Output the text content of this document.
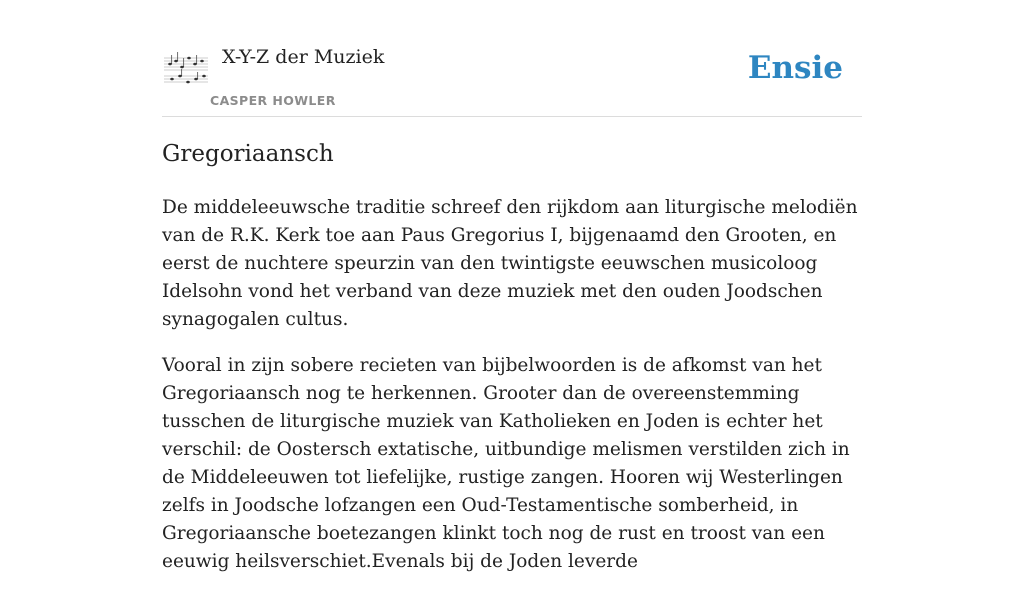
X-Y-Z der Muziek
CASPER HOWLER
Ensie
Gregoriaansch

De middeleeuwsche traditie schreef den rijkdom aan liturgische melodiën van de R.K. Kerk toe aan Paus Gregorius I, bijgenaamd den Grooten, en eerst de nuchtere speurzin van den twintigste eeuwschen musicoloog Idelsohn vond het verband van deze muziek met den ouden Joodschen synagogalen cultus.

Vooral in zijn sobere recieten van bijbelwoorden is de afkomst van het Gregoriaansch nog te herkennen. Grooter dan de overeenstemming tusschen de liturgische muziek van Katholieken en Joden is echter het verschil: de Oostersch extatische, uitbundige melismen verstilden zich in de Middeleeuwen tot liefelijke, rustige zangen. Hooren wij Westerlingen zelfs in Joodsche lofzangen een Oud-Testamentische somberheid, in Gregoriaansche boetezangen klinkt toch nog de rust en troost van een eeuwig heilsverschiet.Evenals bij de Joden leverde
